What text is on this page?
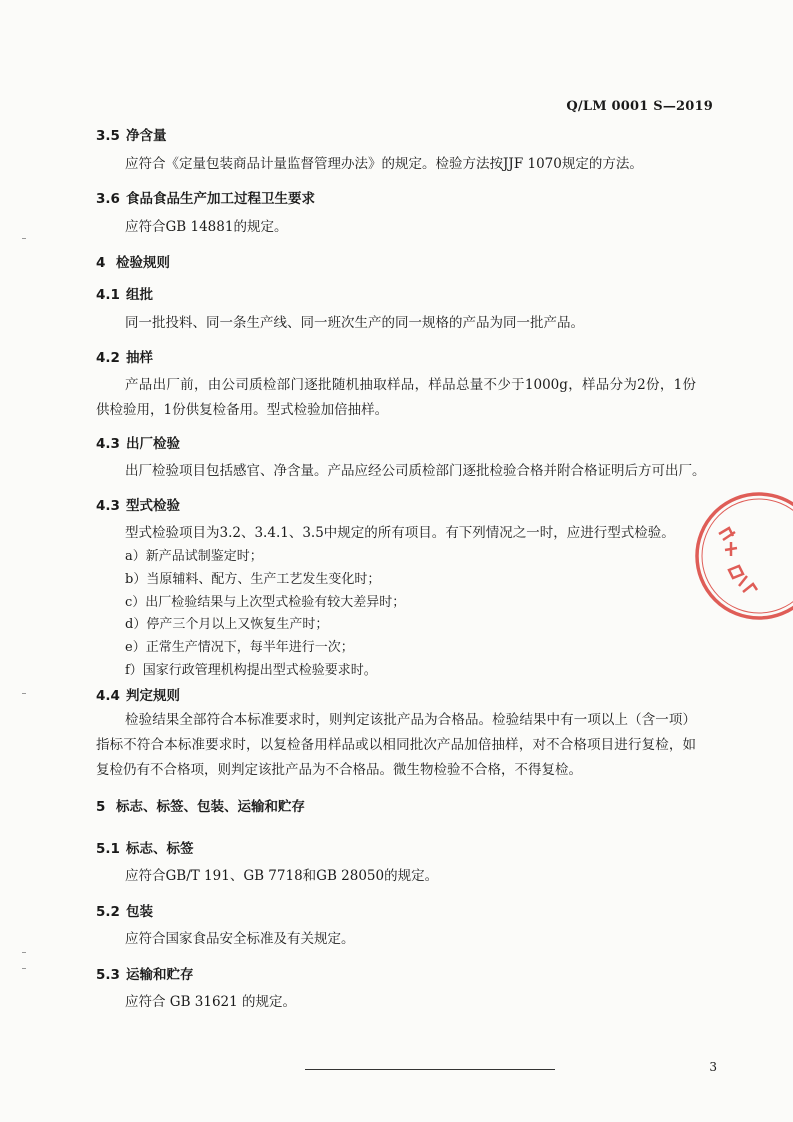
Q/LM 0001 S—2019
3.5 净含量
应符合《定量包装商品计量监督管理办法》的规定。检验方法按JJF 1070规定的方法。
3.6 食品食品生产加工过程卫生要求
应符合GB 14881的规定。
4 检验规则
4.1 组批
同一批投料、同一条生产线、同一班次生产的同一规格的产品为同一批产品。
4.2 抽样
产品出厂前，由公司质检部门逐批随机抽取样品，样品总量不少于1000g，样品分为2份，1份供检验用，1份供复检备用。型式检验加倍抽样。
4.3 出厂检验
出厂检验项目包括感官、净含量。产品应经公司质检部门逐批检验合格并附合格证明后方可出厂。
4.3 型式检验
型式检验项目为3.2、3.4.1、3.5中规定的所有项目。有下列情况之一时，应进行型式检验。
a）新产品试制鉴定时；
b）当原辅料、配方、生产工艺发生变化时；
c）出厂检验结果与上次型式检验有较大差异时；
d）停产三个月以上又恢复生产时；
e）正常生产情况下，每半年进行一次；
f）国家行政管理机构提出型式检验要求时。
4.4 判定规则
检验结果全部符合本标准要求时，则判定该批产品为合格品。检验结果中有一项以上（含一项）指标不符合本标准要求时，以复检备用样品或以相同批次产品加倍抽样，对不合格项目进行复检，如复检仍有不合格项，则判定该批产品为不合格品。微生物检验不合格，不得复检。
5 标志、标签、包装、运输和贮存
5.1 标志、标签
应符合GB/T 191、GB 7718和GB 28050的规定。
5.2 包装
应符合国家食品安全标准及有关规定。
5.3 运输和贮存
应符合 GB 31621 的规定。
3
